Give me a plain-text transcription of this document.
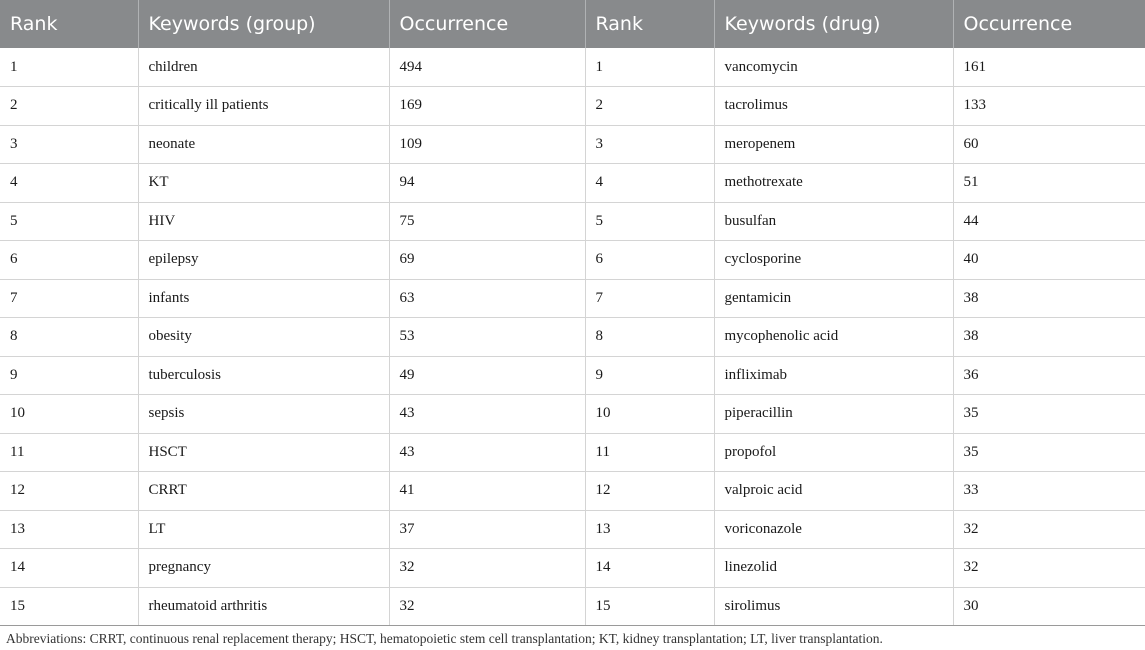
Rank	Keywords (group)	Occurrence	Rank	Keywords (drug)	Occurrence
1	children	494	1	vancomycin	161
2	critically ill patients	169	2	tacrolimus	133
3	neonate	109	3	meropenem	60
4	KT	94	4	methotrexate	51
5	HIV	75	5	busulfan	44
6	epilepsy	69	6	cyclosporine	40
7	infants	63	7	gentamicin	38
8	obesity	53	8	mycophenolic acid	38
9	tuberculosis	49	9	infliximab	36
10	sepsis	43	10	piperacillin	35
11	HSCT	43	11	propofol	35
12	CRRT	41	12	valproic acid	33
13	LT	37	13	voriconazole	32
14	pregnancy	32	14	linezolid	32
15	rheumatoid arthritis	32	15	sirolimus	30
Abbreviations: CRRT, continuous renal replacement therapy; HSCT, hematopoietic stem cell transplantation; KT, kidney transplantation; LT, liver transplantation.
